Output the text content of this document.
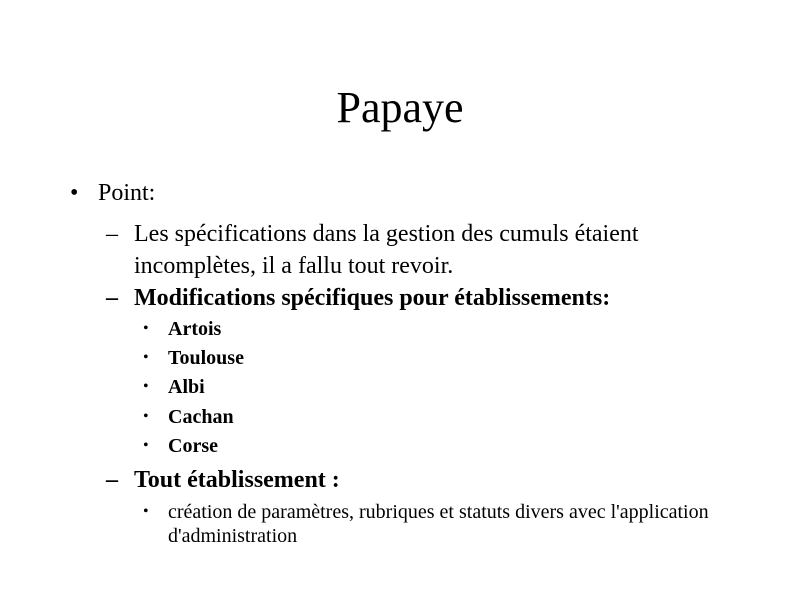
Papaye
• Point:
– Les spécifications dans la gestion des cumuls étaient incomplètes, il a fallu tout revoir.
– Modifications spécifiques pour établissements:
• Artois
• Toulouse
• Albi
• Cachan
• Corse
– Tout établissement :
• création de paramètres, rubriques et statuts divers avec l'application d'administration
